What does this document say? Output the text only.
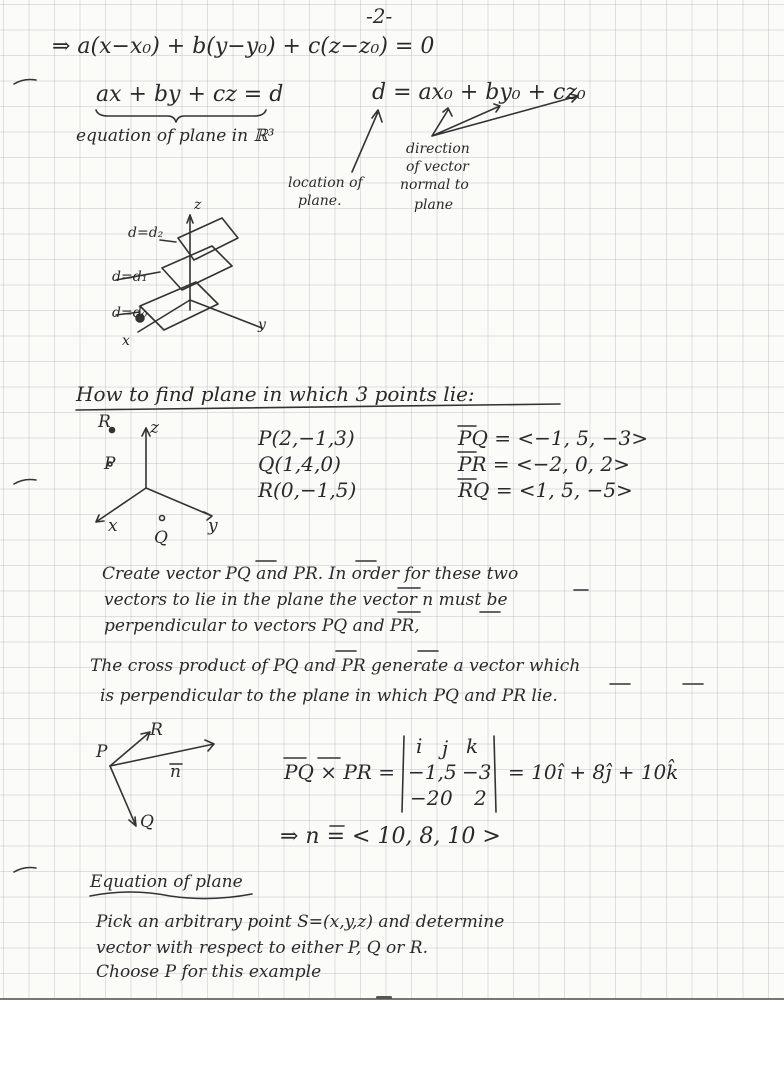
-2-
⇒ a(x−x₀) + b(y−y₀) + c(z−z₀) = 0
ax + by + cz = d	d = ax₀ + by₀ + cz₀
equation of plane in ℝ³
location of
plane.
direction
of vector
normal to
plane
z
y
x
d=d₂
d=d₁
d=d₀
How to find plane in which 3 points lie:
R z
P
x
Q
y
P(2,−1,3)
Q(1,4,0)
R(0,−1,5)
PQ = <−1, 5, −3>
PR = <−2, 0, 2>
RQ = <1, 5, −5>
Create vector PQ and PR. In order for these two
vectors to lie in the plane the vector n must be
perpendicular to vectors PQ and PR,
The cross product of PQ and PR generate a vector which
is perpendicular to the plane in which PQ and PR lie.
P
R
Q
n	PQ × PR =
i j k
−1, 5 −3
−2 0 2
= 10î + 8ĵ + 10k̂
⇒ n = < 10, 8, 10 >
Equation of plane
Pick an arbitrary point S=(x,y,z) and determine
vector with respect to either P, Q or R.
Choose P for this example
